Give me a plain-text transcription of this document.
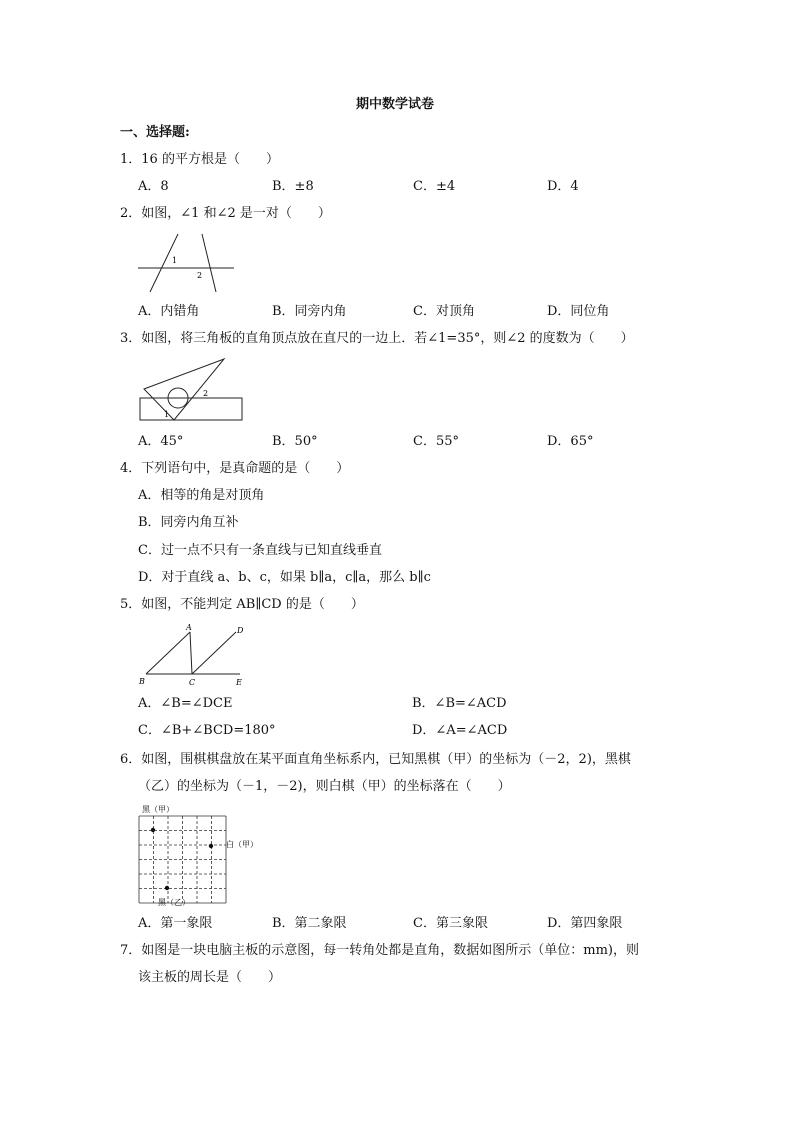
期中数学试卷
一、选择题:
1．16 的平方根是（　　）
A．8	B．±8	C．±4	D．4
2．如图，∠1 和∠2 是一对（　　）
1
2
A．内错角	B．同旁内角	C．对顶角	D．同位角
3．如图，将三角板的直角顶点放在直尺的一边上．若∠1=35°，则∠2 的度数为（　　）
1
2
A．45°	B．50°	C．55°	D．65°
4．下列语句中，是真命题的是（　　）
A．相等的角是对顶角
B．同旁内角互补
C．过一点不只有一条直线与已知直线垂直
D．对于直线 a、b、c，如果 b∥a，c∥a，那么 b∥c
5．如图，不能判定 AB∥CD 的是（　　）
A	D
B	C	E
A．∠B=∠DCE	B．∠B=∠ACD
C．∠B+∠BCD=180°	D．∠A=∠ACD
6．如图，围棋棋盘放在某平面直角坐标系内，已知黑棋（甲）的坐标为（－2，2)，黑棋
（乙）的坐标为（－1，－2)，则白棋（甲）的坐标落在（　　）
黑（甲）
白（甲）
黑（乙）
A．第一象限	B．第二象限	C．第三象限	D．第四象限
7．如图是一块电脑主板的示意图，每一转角处都是直角，数据如图所示（单位：mm)，则
该主板的周长是（　　）
